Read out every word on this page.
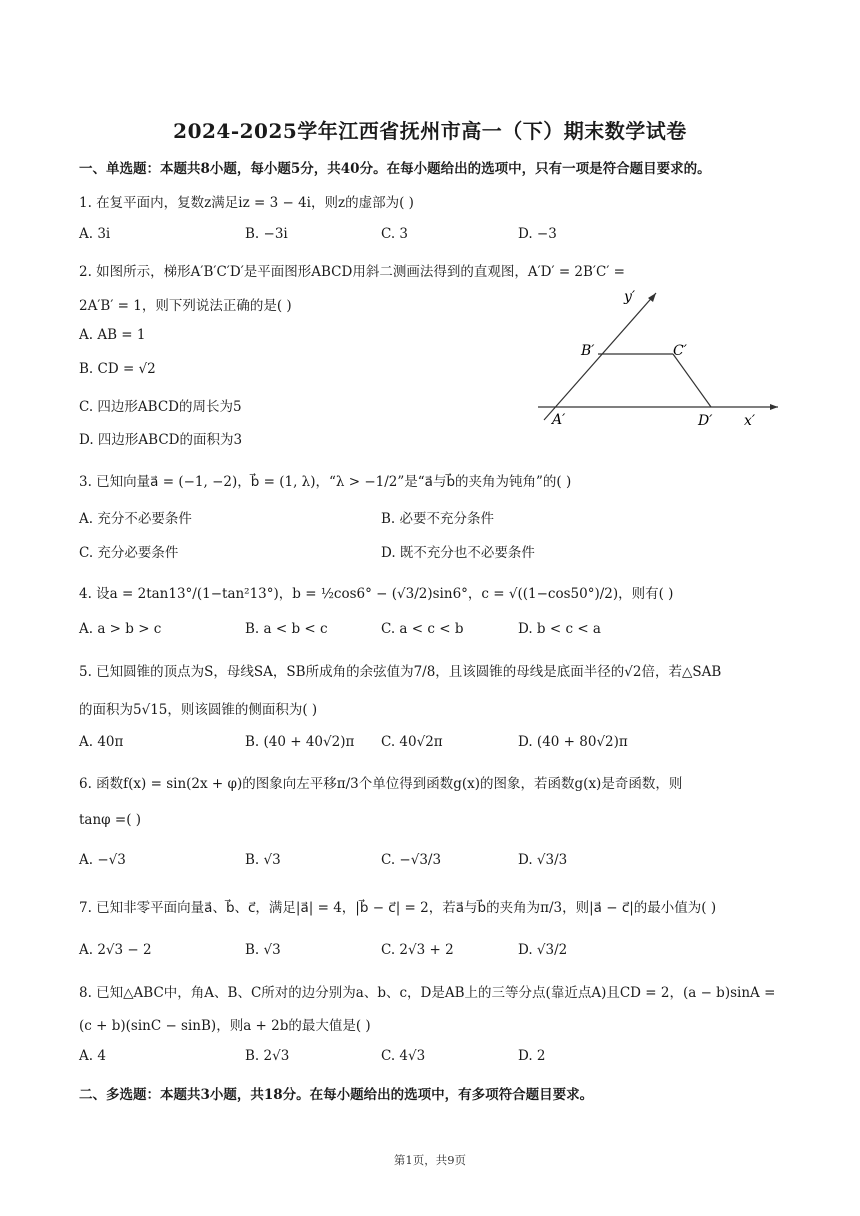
2024-2025学年江西省抚州市高一（下）期末数学试卷
一、单选题：本题共8小题，每小题5分，共40分。在每小题给出的选项中，只有一项是符合题目要求的。
1. 在复平面内，复数z满足iz = 3 − 4i，则z的虚部为( )
A. 3i	B. −3i	C. 3	D. −3
2. 如图所示，梯形A′B′C′D′是平面图形ABCD用斜二测画法得到的直观图，A′D′ = 2B′C′ =
2A′B′ = 1，则下列说法正确的是( )
A. AB = 1
B. CD = √2
C. 四边形ABCD的周长为5
D. 四边形ABCD的面积为3
y′
x′
A′
B′	C′
D′
3. 已知向量a⃗ = (−1, −2)，b⃗ = (1, λ)，“λ > −1/2”是“a⃗与b⃗的夹角为钝角”的( )
A. 充分不必要条件	B. 必要不充分条件
C. 充分必要条件	D. 既不充分也不必要条件
4. 设a = 2tan13°/(1−tan²13°)，b = ½cos6° − (√3/2)sin6°，c = √((1−cos50°)/2)，则有( )
A. a > b > c	B. a < b < c	C. a < c < b	D. b < c < a
5. 已知圆锥的顶点为S，母线SA，SB所成角的余弦值为7/8，且该圆锥的母线是底面半径的√2倍，若△SAB
的面积为5√15，则该圆锥的侧面积为( )
A. 40π	B. (40 + 40√2)π C. 40√2π	D. (40 + 80√2)π
6. 函数f(x) = sin(2x + φ)的图象向左平移π/3个单位得到函数g(x)的图象，若函数g(x)是奇函数，则
tanφ =( )
A. −√3	B. √3	C. −√3/3	D. √3/3
7. 已知非零平面向量a⃗、b⃗、c⃗，满足|a⃗| = 4，|b⃗ − c⃗| = 2，若a⃗与b⃗的夹角为π/3，则|a⃗ − c⃗|的最小值为( )
A. 2√3 − 2	B. √3	C. 2√3 + 2	D. √3/2
8. 已知△ABC中，角A、B、C所对的边分别为a、b、c，D是AB上的三等分点(靠近点A)且CD = 2，(a − b)sinA =
(c + b)(sinC − sinB)，则a + 2b的最大值是( )
A. 4	B. 2√3	C. 4√3	D. 2
二、多选题：本题共3小题，共18分。在每小题给出的选项中，有多项符合题目要求。
第1页，共9页
